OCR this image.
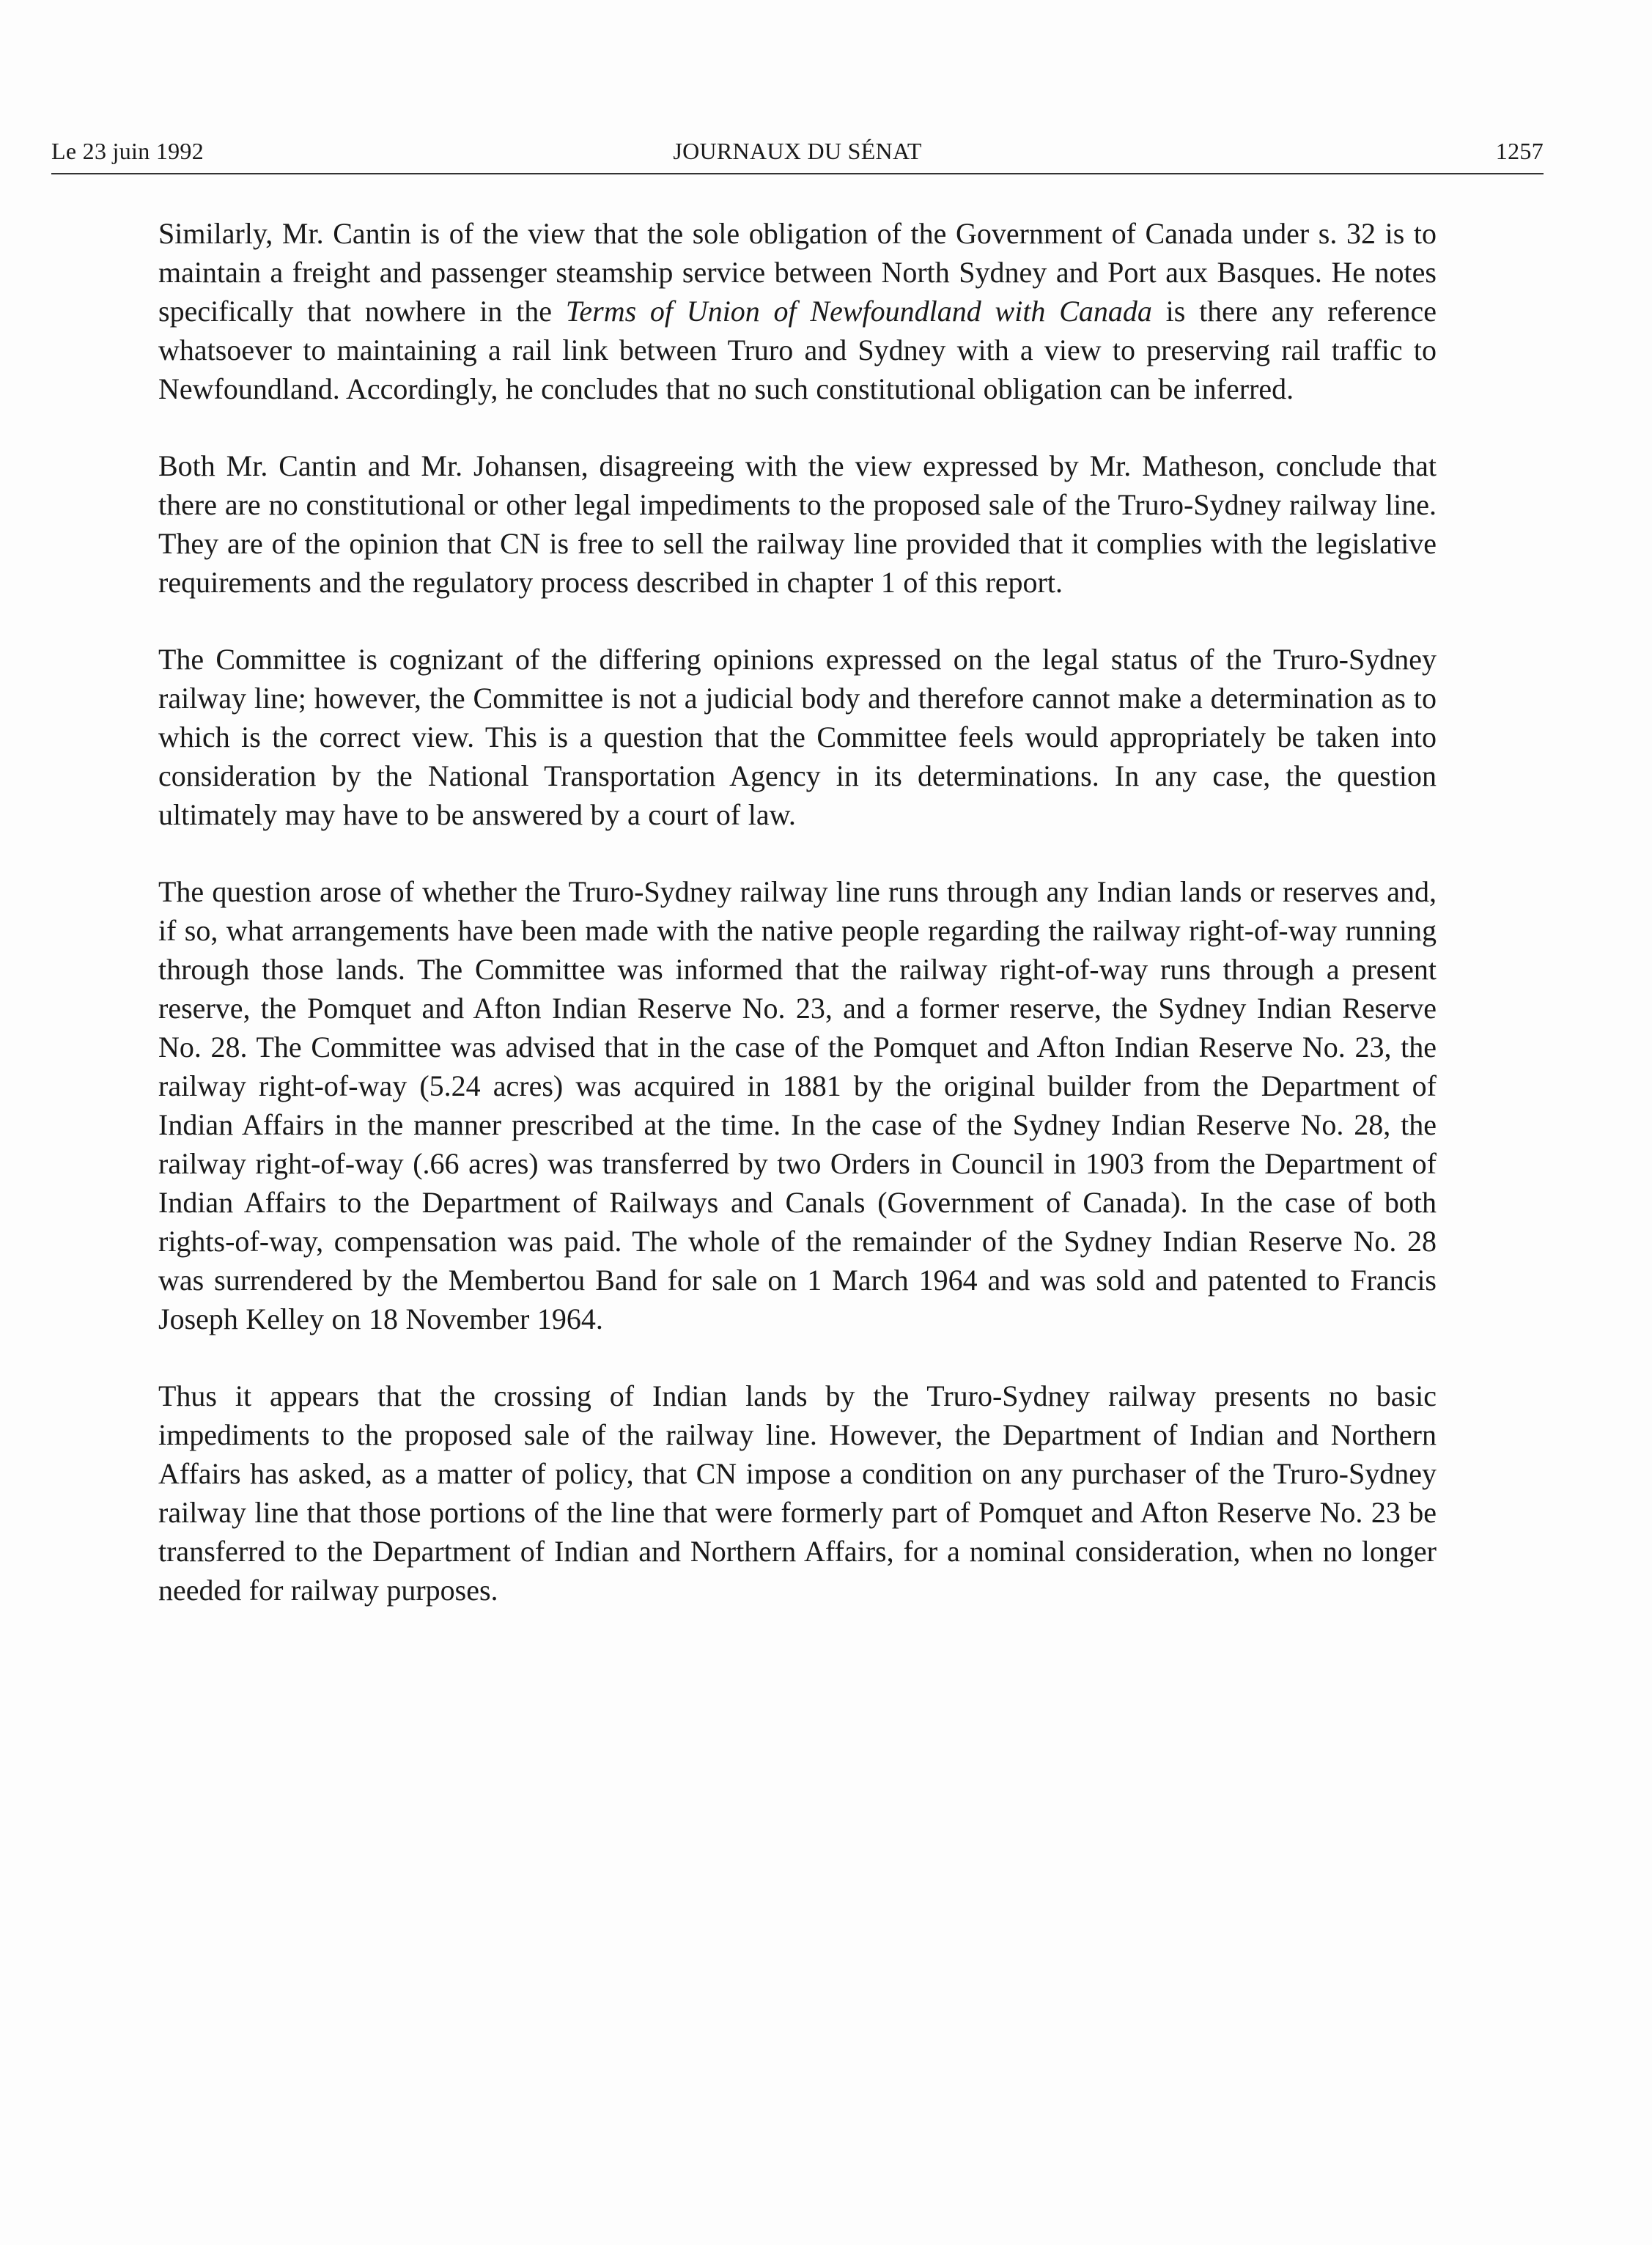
Le 23 juin 1992	JOURNAUX DU SÉNAT	1257

Similarly, Mr. Cantin is of the view that the sole obligation of the Government of Canada under s. 32 is to maintain a freight and passenger steamship service between North Sydney and Port aux Basques. He notes specifically that nowhere in the Terms of Union of Newfoundland with Canada is there any reference whatsoever to maintaining a rail link between Truro and Sydney with a view to preserving rail traffic to Newfoundland. Accordingly, he concludes that no such constitutional obligation can be inferred.

Both Mr. Cantin and Mr. Johansen, disagreeing with the view expressed by Mr. Matheson, conclude that there are no constitutional or other legal impediments to the proposed sale of the Truro-Sydney railway line. They are of the opinion that CN is free to sell the railway line provided that it complies with the legislative requirements and the regulatory process described in chapter 1 of this report.

The Committee is cognizant of the differing opinions expressed on the legal status of the Truro-Sydney railway line; however, the Committee is not a judicial body and therefore cannot make a determination as to which is the correct view. This is a question that the Committee feels would appropriately be taken into consideration by the National Transportation Agency in its determinations. In any case, the question ultimately may have to be answered by a court of law.

The question arose of whether the Truro-Sydney railway line runs through any Indian lands or reserves and, if so, what arrangements have been made with the native people regarding the railway right-of-way running through those lands. The Committee was informed that the railway right-of-way runs through a present reserve, the Pomquet and Afton Indian Reserve No. 23, and a former reserve, the Sydney Indian Reserve No. 28. The Committee was advised that in the case of the Pomquet and Afton Indian Reserve No. 23, the railway right-of-way (5.24 acres) was acquired in 1881 by the original builder from the Department of Indian Affairs in the manner prescribed at the time. In the case of the Sydney Indian Reserve No. 28, the railway right-of-way (.66 acres) was transferred by two Orders in Council in 1903 from the Department of Indian Affairs to the Department of Railways and Canals (Government of Canada). In the case of both rights-of-way, compensation was paid. The whole of the remainder of the Sydney Indian Reserve No. 28 was surrendered by the Membertou Band for sale on 1 March 1964 and was sold and patented to Francis Joseph Kelley on 18 November 1964.

Thus it appears that the crossing of Indian lands by the Truro-Sydney railway presents no basic impediments to the proposed sale of the railway line. However, the Department of Indian and Northern Affairs has asked, as a matter of policy, that CN impose a condition on any purchaser of the Truro-Sydney railway line that those portions of the line that were formerly part of Pomquet and Afton Reserve No. 23 be transferred to the Department of Indian and Northern Affairs, for a nominal consideration, when no longer needed for railway purposes.
